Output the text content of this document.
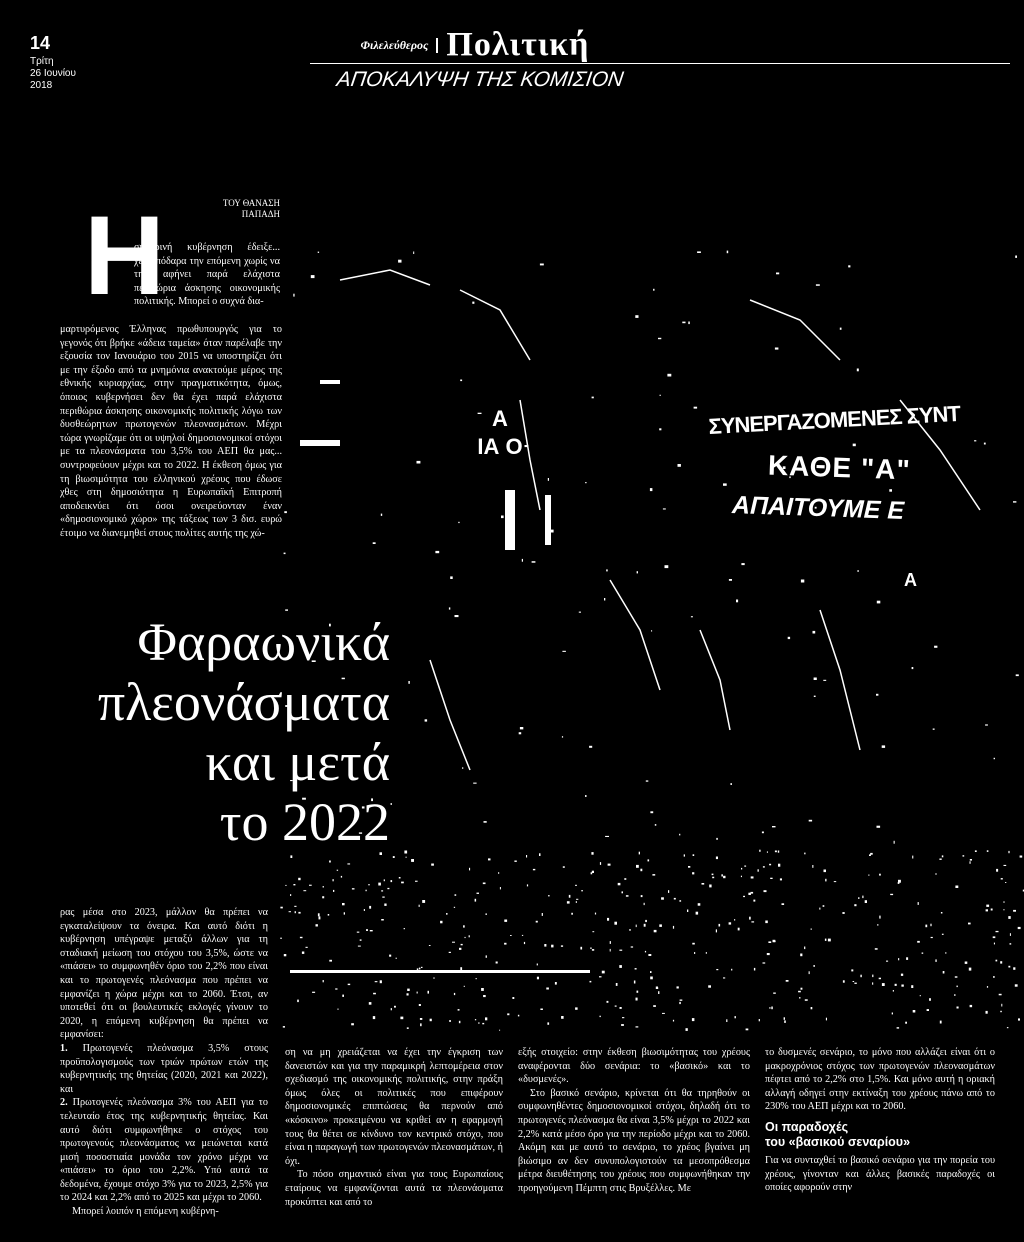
14
Τρίτη
26 Ιουνίου
2018
Φιλελεύθερος Πολιτική
ΑΠΟΚΑΛΥΨΗ ΤΗΣ ΚΟΜΙΣΙΟΝ
Α
ΙΑ Ο
ΣΥΝΕΡΓΑΖΟΜΕΝΕΣ ΣΥΝΤ
ΚΑΘΕ "Α"
ΑΠΑΙΤΟΥΜΕ Ε
Α
ΤΟΥ ΘΑΝΑΣΗ
ΠΑΠΑΔΗ
Η
σημερινή κυβέρνηση έδειξε... χειροπόδαρα την επόμενη χωρίς να της αφήνει παρά ελάχιστα περιθώρια άσκησης οικονομικής πολιτικής. Μπορεί ο συχνά δια-
μαρτυρόμενος Έλληνας πρωθυπουργός για το γεγονός ότι βρήκε «άδεια ταμεία» όταν παρέλαβε την εξουσία τον Ιανουάριο του 2015 να υποστηρίζει ότι με την έξοδο από τα μνημόνια ανακτούμε μέρος της εθνικής κυριαρχίας, στην πραγματικότητα, όμως, όποιος κυβερνήσει δεν θα έχει παρά ελάχιστα περιθώρια άσκησης οικονομικής πολιτικής λόγω των δυσθεώρητων πρωτογενών πλεονασμάτων. Μέχρι τώρα γνωρίζαμε ότι οι υψηλοί δημοσιονομικοί στόχοι με τα πλεονάσματα του 3,5% του ΑΕΠ θα μας... συντροφεύουν μέχρι και το 2022. Η έκθεση όμως για τη βιωσιμότητα του ελληνικού χρέους που έδωσε χθες στη δημοσιότητα η Ευρωπαϊκή Επιτροπή αποδεικνύει ότι όσοι ονειρεύονταν έναν «δημοσιονομικό χώρο» της τάξεως των 3 δισ. ευρώ έτοιμο να διανεμηθεί στους πολίτες αυτής της χώ-
Φαραωνικά
πλεονάσματα
και μετά
το 2022

ρας μέσα στο 2023, μάλλον θα πρέπει να εγκαταλείψουν τα όνειρα. Και αυτό διότι η κυβέρνηση υπέγραψε μεταξύ άλλων για τη σταδιακή μείωση του στόχου του 3,5%, ώστε να «πιάσει» το συμφωνηθέν όριο του 2,2% που είναι και το πρωτογενές πλεόνασμα που πρέπει να εμφανίζει η χώρα μέχρι και το 2060. Έτσι, αν υποτεθεί ότι οι βουλευτικές εκλογές γίνουν το 2020, η επόμενη κυβέρνηση θα πρέπει να εμφανίσει:

1. Πρωτογενές πλεόνασμα 3,5% στους προϋπολογισμούς των τριών πρώτων ετών της κυβερνητικής της θητείας (2020, 2021 και 2022), και

2. Πρωτογενές πλεόνασμα 3% του ΑΕΠ για το τελευταίο έτος της κυβερνητικής θητείας. Και αυτό διότι συμφωνήθηκε ο στόχος του πρωτογενούς πλεονάσματος να μειώνεται κατά μισή ποσοστιαία μονάδα τον χρόνο μέχρι να «πιάσει» το όριο του 2,2%. Υπό αυτά τα δεδομένα, έχουμε στόχο 3% για το 2023, 2,5% για το 2024 και 2,2% από το 2025 και μέχρι το 2060.

Μπορεί λοιπόν η επόμενη κυβέρνη-

ση να μη χρειάζεται να έχει την έγκριση των δανειστών και για την παραμικρή λεπτομέρεια στον σχεδιασμό της οικονομικής πολιτικής, στην πράξη όμως όλες οι πολιτικές που επιφέρουν δημοσιονομικές επιπτώσεις θα περνούν από «κόσκινο» προκειμένου να κριθεί αν η εφαρμογή τους θα θέτει σε κίνδυνο τον κεντρικό στόχο, που είναι η παραγωγή των πρωτογενών πλεονασμάτων, ή όχι.

Το πόσο σημαντικό είναι για τους Ευρωπαίους εταίρους να εμφανίζονται αυτά τα πλεονάσματα προκύπτει και από το

εξής στοιχείο: στην έκθεση βιωσιμότητας του χρέους αναφέρονται δύο σενάρια: το «βασικό» και το «δυσμενές».

Στο βασικό σενάριο, κρίνεται ότι θα τηρηθούν οι συμφωνηθέντες δημοσιονομικοί στόχοι, δηλαδή ότι το πρωτογενές πλεόνασμα θα είναι 3,5% μέχρι το 2022 και 2,2% κατά μέσο όρο για την περίοδο μέχρι και το 2060. Ακόμη και με αυτό το σενάριο, το χρέος βγαίνει μη βιώσιμο αν δεν συνυπολογιστούν τα μεσοπρόθεσμα μέτρα διευθέτησης του χρέους που συμφωνήθηκαν την προηγούμενη Πέμπτη στις Βρυξέλλες. Με

το δυσμενές σενάριο, το μόνο που αλλάζει είναι ότι ο μακροχρόνιος στόχος των πρωτογενών πλεονασμάτων πέφτει από το 2,2% στο 1,5%. Και μόνο αυτή η οριακή αλλαγή οδηγεί στην εκτίναξη του χρέους πάνω από το 230% του ΑΕΠ μέχρι και το 2060.

Οι παραδοχές
του «βασικού σεναρίου»

Για να συνταχθεί το βασικό σενάριο για την πορεία του χρέους, γίνονταν και άλλες βασικές παραδοχές οι οποίες αφορούν στην
